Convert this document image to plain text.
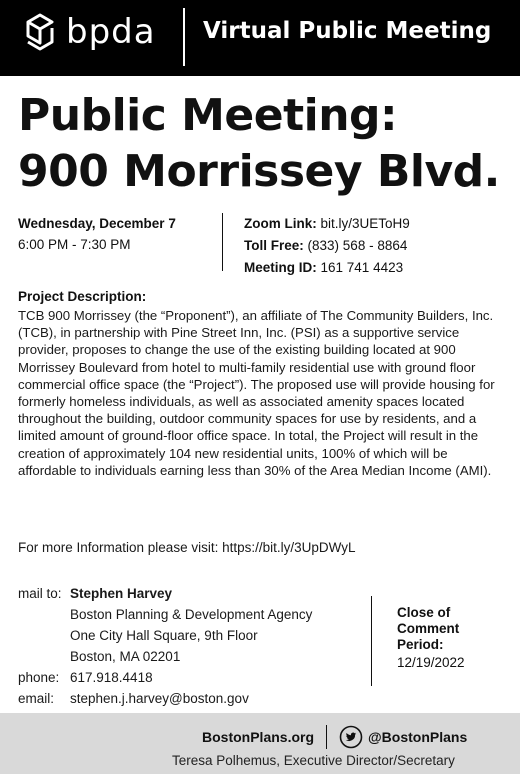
bpda Virtual Public Meeting
Public Meeting:
900 Morrissey Blvd.
Wednesday, December 7
6:00 PM - 7:30 PM
Zoom Link: bit.ly/3UEToH9
Toll Free: (833) 568 - 8864
Meeting ID: 161 741 4423
Project Description:

TCB 900 Morrissey (the “Proponent”), an affiliate of The Community Builders, Inc. (TCB), in partnership with Pine Street Inn, Inc. (PSI) as a supportive service provider, proposes to change the use of the existing building located at 900 Morrissey Boulevard from hotel to multi-family residential use with ground floor commercial office space (the “Project”). The proposed use will provide housing for formerly homeless individuals, as well as associated amenity spaces located throughout the building, outdoor community spaces for use by residents, and a limited amount of ground-floor office space. In total, the Project will result in the creation of approximately 104 new residential units, 100% of which will be affordable to individuals earning less than 30% of the Area Median Income (AMI).

For more Information please visit: https://bit.ly/3UpDWyL
mail to: Stephen Harvey
Boston Planning & Development Agency
One City Hall Square, 9th Floor
Boston, MA 02201
phone: 617.918.4418
email:	stephen.j.harvey@boston.gov
Close of
Comment
Period:
12/19/2022
BostonPlans.org	@BostonPlans
Teresa Polhemus, Executive Director/Secretary
